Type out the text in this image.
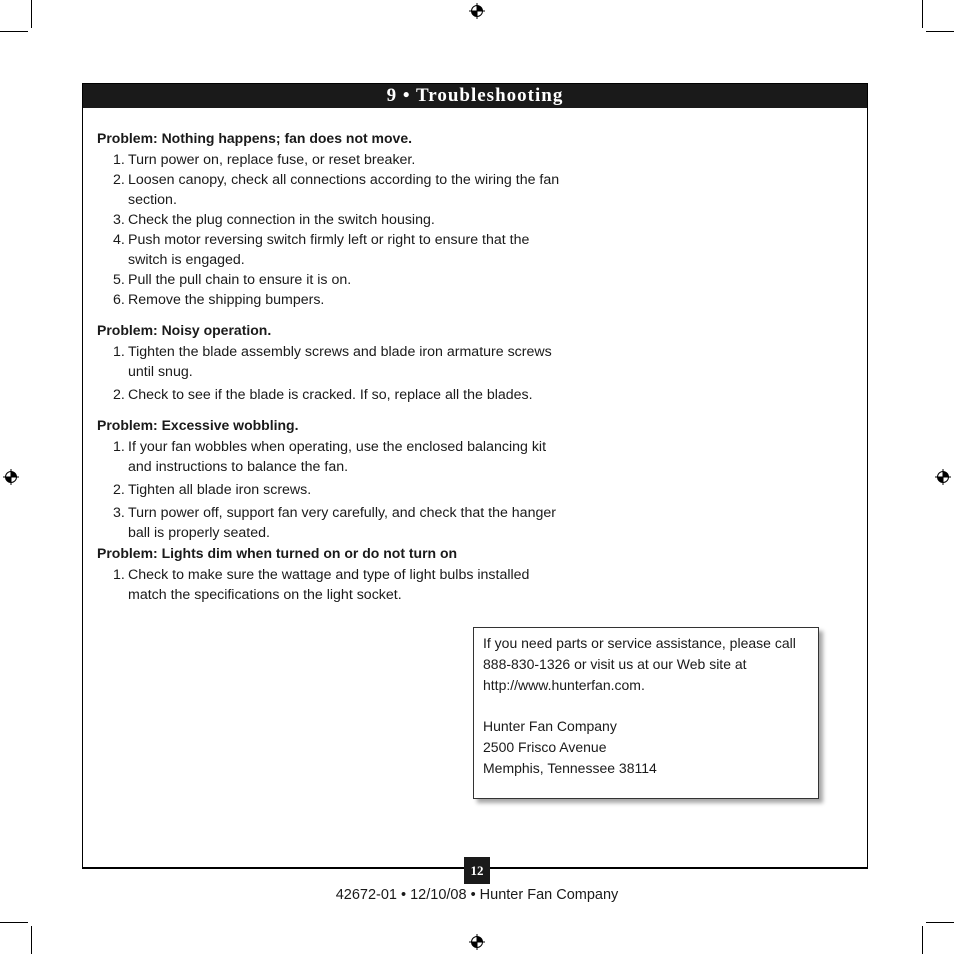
9 • Troubleshooting

Problem: Nothing happens; fan does not move.

1. Turn power on, replace fuse, or reset breaker.
2. Loosen canopy, check all connections according to the wiring the fan section.
3. Check the plug connection in the switch housing.
4. Push motor reversing switch firmly left or right to ensure that the switch is engaged.
5. Pull the pull chain to ensure it is on.
6. Remove the shipping bumpers.

Problem: Noisy operation.

1. Tighten the blade assembly screws and blade iron armature screws until snug.
2. Check to see if the blade is cracked. If so, replace all the blades.

Problem: Excessive wobbling.

1. If your fan wobbles when operating, use the enclosed balancing kit and instructions to balance the fan.
2. Tighten all blade iron screws.
3. Turn power off, support fan very carefully, and check that the hanger ball is properly seated.

Problem: Lights dim when turned on or do not turn on

1. Check to make sure the wattage and type of light bulbs installed match the specifications on the light socket.
If you need parts or service assistance, please call
888-830-1326 or visit us at our Web site at
http://www.hunterfan.com.
Hunter Fan Company
2500 Frisco Avenue
Memphis, Tennessee 38114
12
42672-01 • 12/10/08 • Hunter Fan Company
